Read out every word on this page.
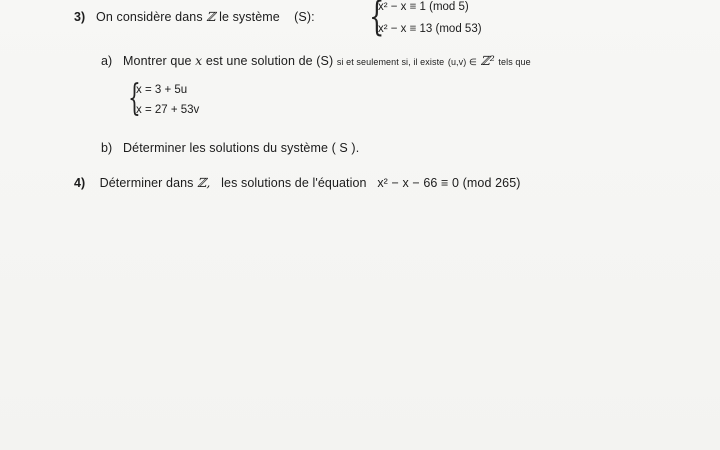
3) On considère dans ℤ le système (S): {
x² − x ≡ 1 (mod 5)
x² − x ≡ 13 (mod 53)
a) Montrer que x est une solution de (S) si et seulement si, il existe (u,v) ∈ ℤ² tels que
{
x = 3 + 5u
x = 27 + 53v
b) Déterminer les solutions du système ( S ).
4) Déterminer dans ℤ, les solutions de l'équation x² − x − 66 ≡ 0 (mod 265)
